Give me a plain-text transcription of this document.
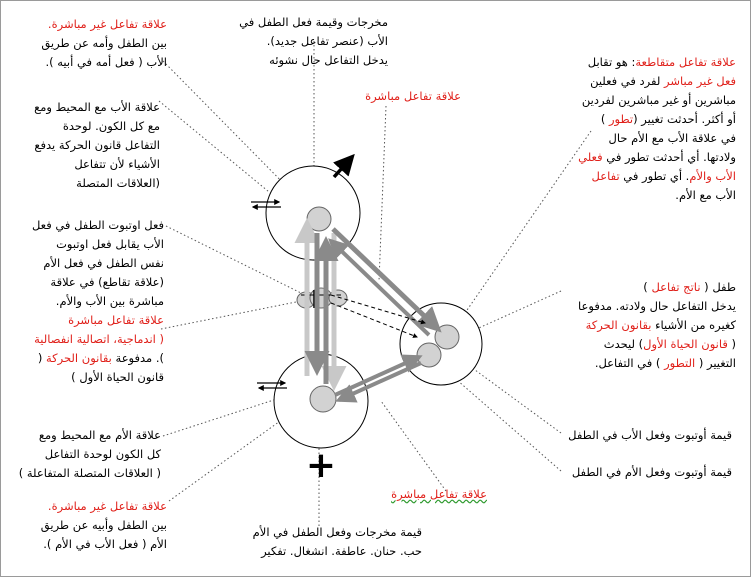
+
علاقة تفاعل غير مباشرة.
بين الطفل وأمه عن طريق
الأب ( فعل أمه في أبيه ).
علاقة الأب مع المحيط ومع
مع كل الكون. لوحدة
التفاعل قانون الحركة يدفع
الأشياء لأن تتفاعل
(العلاقات المتصلة
فعل اوتبوت الطفل في فعل
الأب يقابل فعل اوتبوت
نفس الطفل في فعل الأم
(علاقة تقاطع) في علاقة
مباشرة بين الأب والأم.
علاقة تفاعل مباشرة
( اندماجية، اتصالية انفصالية
). مدفوعة بقانون الحركة (
قانون الحياة الأول )
علاقة الأم مع المحيط ومع
كل الكون لوحدة التفاعل
( العلاقات المتصلة المتفاعلة )
علاقة تفاعل غير مباشرة.
بين الطفل وأبيه عن طريق
الأم ( فعل الأب في الأم ).
مخرجات وقيمة فعل الطفل في
الأب (عنصر تفاعل جديد).
يدخل التفاعل حال نشوئه
علاقة تفاعل مباشرة
علاقة تفاعل متقاطعة: هو تقابل
فعل غير مباشر لفرد في فعلين
مباشرين أو غير مباشرين لفردين
أو أكثر. أحدثت تغيير (تطور )
في علاقة الأب مع الأم حال
ولادتها. أي أحدثت تطور في فعلي
الأب والأم. أي تطور في تفاعل
الأب مع الأم.
طفل ( ناتج تفاعل )
يدخل التفاعل حال ولادته. مدفوعا
كغيره من الأشياء بقانون الحركة
( قانون الحياة الأول) ليحدث
التغيير ( التطور ) في التفاعل.
قيمة أوتبوت وفعل الأب في الطفل
قيمة أوتبوت وفعل الأم في الطفل
علاقة تفاعل مباشرة
قيمة مخرجات وفعل الطفل في الأم
حب. حنان. عاطفة. انشغال. تفكير
